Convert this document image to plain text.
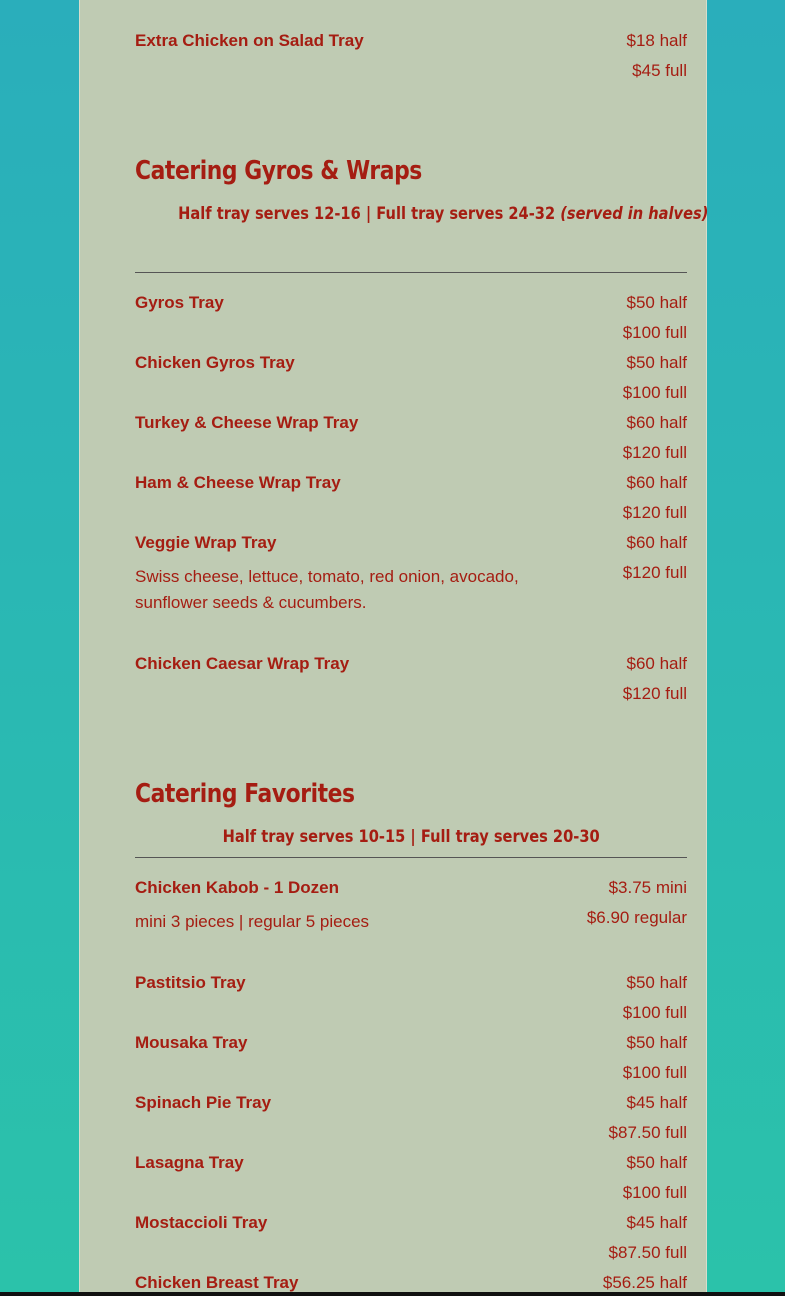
Extra Chicken on Salad Tray	$18 half
$45 full
Catering Gyros & Wraps
Half tray serves 12-16 | Full tray serves 24-32 (served in halves)
Gyros Tray	$50 half
$100 full
Chicken Gyros Tray	$50 half
$100 full
Turkey & Cheese Wrap Tray	$60 half
$120 full
Ham & Cheese Wrap Tray	$60 half
$120 full
Veggie Wrap Tray	$60 half
$120 full
Swiss cheese, lettuce, tomato, red onion, avocado, sunflower seeds & cucumbers.
Chicken Caesar Wrap Tray	$60 half
$120 full
Catering Favorites
Half tray serves 10-15 | Full tray serves 20-30
Chicken Kabob - 1 Dozen	$3.75 mini
$6.90 regular
mini 3 pieces | regular 5 pieces
Pastitsio Tray	$50 half
$100 full
Mousaka Tray	$50 half
$100 full
Spinach Pie Tray	$45 half
$87.50 full
Lasagna Tray	$50 half
$100 full
Mostaccioli Tray	$45 half
$87.50 full
Chicken Breast Tray	$56.25 half
